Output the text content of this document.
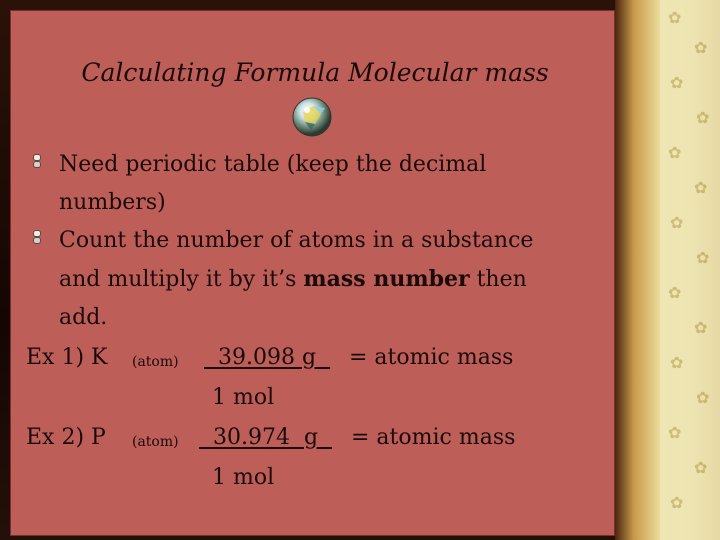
✿
✿
✿
✿
✿
✿
✿
✿
✿
✿
✿
✿
✿
✿
✿
Calculating Formula Molecular mass
Need periodic table (keep the decimal
numbers)
Count the number of atoms in a substance
and multiply it by it’s mass number then
add.
Ex 1) K (atom) 39.098 g = atomic mass
1 mol
Ex 2) P (atom) 30.974  g = atomic mass
1 mol
